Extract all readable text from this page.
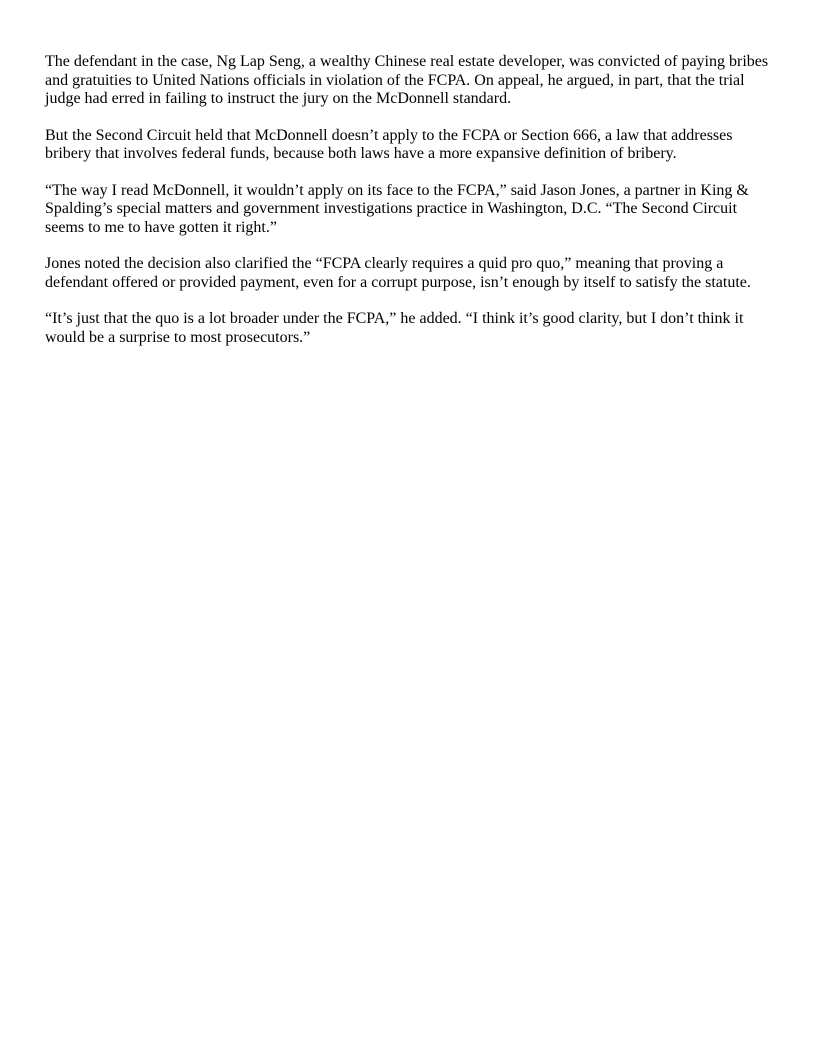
The defendant in the case, Ng Lap Seng, a wealthy Chinese real estate developer, was convicted of paying bribes and gratuities to United Nations officials in violation of the FCPA. On appeal, he argued, in part, that the trial judge had erred in failing to instruct the jury on the McDonnell standard.

But the Second Circuit held that McDonnell doesn’t apply to the FCPA or Section 666, a law that addresses bribery that involves federal funds, because both laws have a more expansive definition of bribery.

“The way I read McDonnell, it wouldn’t apply on its face to the FCPA,” said Jason Jones, a partner in King & Spalding’s special matters and government investigations practice in Washington, D.C. “The Second Circuit seems to me to have gotten it right.”

Jones noted the decision also clarified the “FCPA clearly requires a quid pro quo,” meaning that proving a defendant offered or provided payment, even for a corrupt purpose, isn’t enough by itself to satisfy the statute.

“It’s just that the quo is a lot broader under the FCPA,” he added. “I think it’s good clarity, but I don’t think it would be a surprise to most prosecutors.”
